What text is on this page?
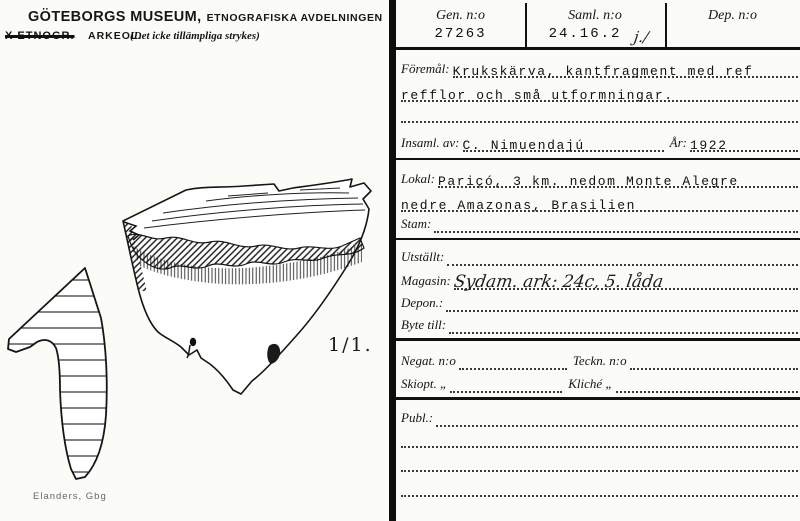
GÖTEBORGS MUSEUM, ETNOGRAFISKA AVDELNINGEN
X ETNOGR. ARKEOL.
(Det icke tillämpliga strykes)
1/1.
Elanders, Gbg
Gen. n:o	Saml. n:o	Dep. n:o
27263	24.16.2 j./
Föremål: Krukskärva, kantfragment med ref
refflor och små utformningar.
Insaml. av: C. Nimuendajú	År: 1922
Lokal: Pariçó, 3 km. nedom Monte Alegre
nedre Amazonas, Brasilien
Stam:
Utställt:
Magasin: Sydam. ark: 24c, 5. låda
Depon.:
Byte till:
Negat. n:o	Teckn. n:o
Skiopt. „	Kliché „
Publ.:
